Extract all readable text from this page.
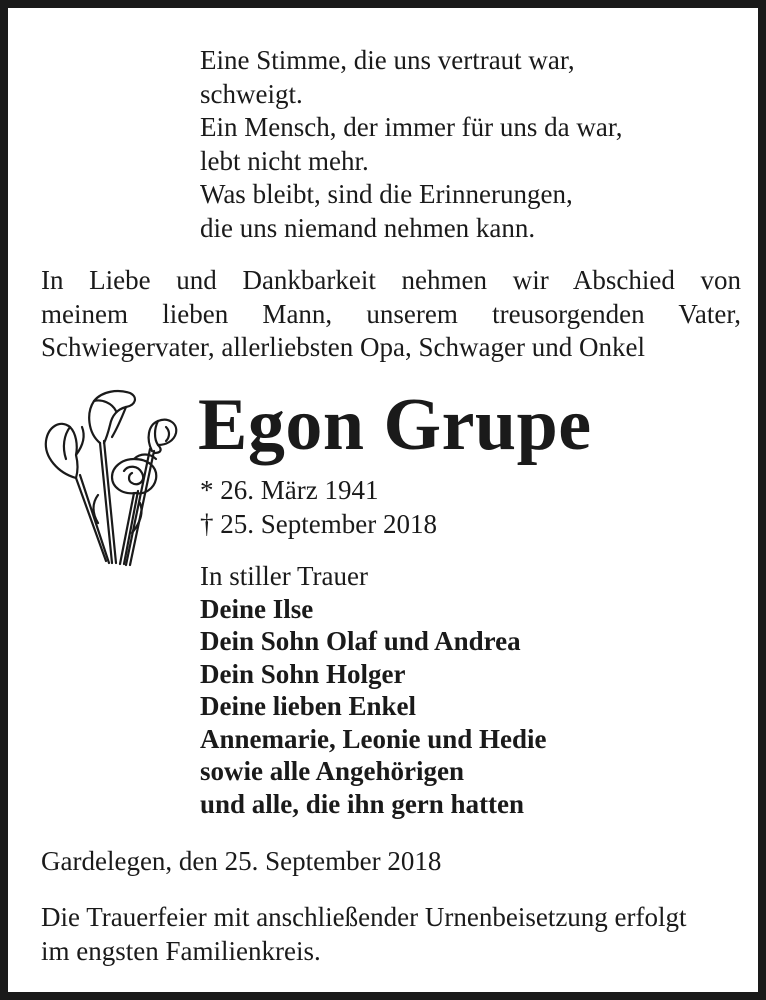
Eine Stimme, die uns vertraut war,
schweigt.
Ein Mensch, der immer für uns da war,
lebt nicht mehr.
Was bleibt, sind die Erinnerungen,
die uns niemand nehmen kann.
In Liebe und Dankbarkeit nehmen wir Abschied von
meinem lieben Mann, unserem treusorgenden Vater,
Schwiegervater, allerliebsten Opa, Schwager und Onkel
Egon Grupe
* 26. März 1941
† 25. September 2018
In stiller Trauer
Deine Ilse
Dein Sohn Olaf und Andrea
Dein Sohn Holger
Deine lieben Enkel
Annemarie, Leonie und Hedie
sowie alle Angehörigen
und alle, die ihn gern hatten
Gardelegen, den 25. September 2018
Die Trauerfeier mit anschließender Urnenbeisetzung erfolgt
im engsten Familienkreis.
